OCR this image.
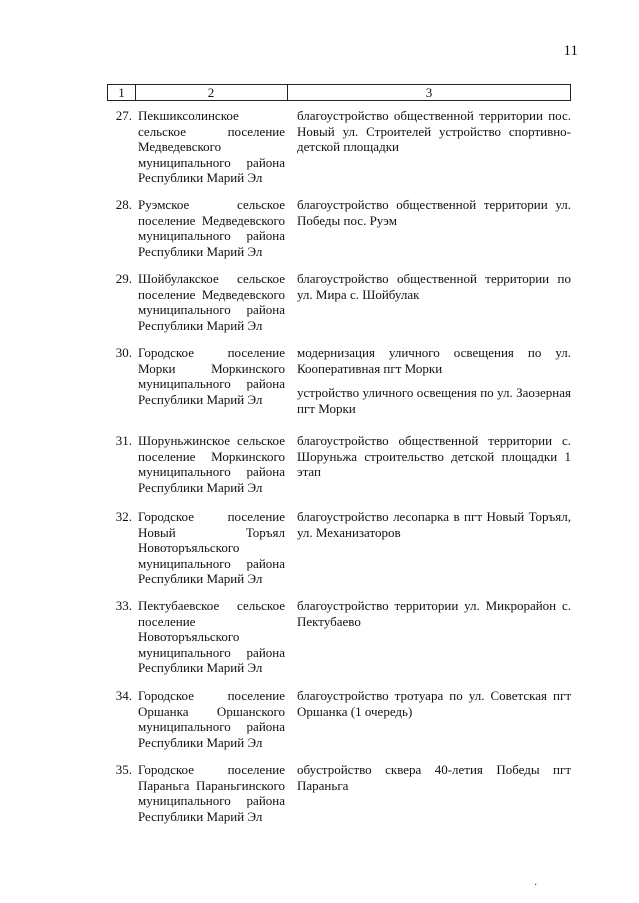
11
1	2	3
27. Пекшиксолинское сельское поселение Медведевского муниципального района Республики Марий Эл

благоустройство общественной территории пос. Новый ул. Строителей устройство спортивно-детской площадки

28. Руэмское сельское поселение Медведевского муниципального района Республики Марий Эл

благоустройство общественной территории ул. Победы пос. Руэм

29. Шойбулакское сельское поселение Медведевского муниципального района Республики Марий Эл

благоустройство общественной территории по ул. Мира с. Шойбулак

30. Городское поселение Морки Моркинского муниципального района Республики Марий Эл

модернизация уличного освещения по ул. Кооперативная пгт Морки

устройство уличного освещения по ул. Заозерная пгт Морки

31. Шоруньжинское сельское поселение Моркинского муниципального района Республики Марий Эл

благоустройство общественной территории с. Шоруньжа строительство детской площадки 1 этап

32. Городское поселение Новый Торъял Новоторъяльского муниципального района Республики Марий Эл

благоустройство лесопарка в пгт Новый Торъял, ул. Механизаторов

33. Пектубаевское сельское поселение Новоторъяльского муниципального района Республики Марий Эл

благоустройство территории ул. Микрорайон с. Пектубаево

34. Городское поселение Оршанка Оршанского муниципального района Республики Марий Эл

благоустройство тротуара по ул. Советская пгт Оршанка (1 очередь)

35. Городское поселение Параньга Параньгинского муниципального района Республики Марий Эл

обустройство сквера 40-летия Победы пгт Параньга

·
